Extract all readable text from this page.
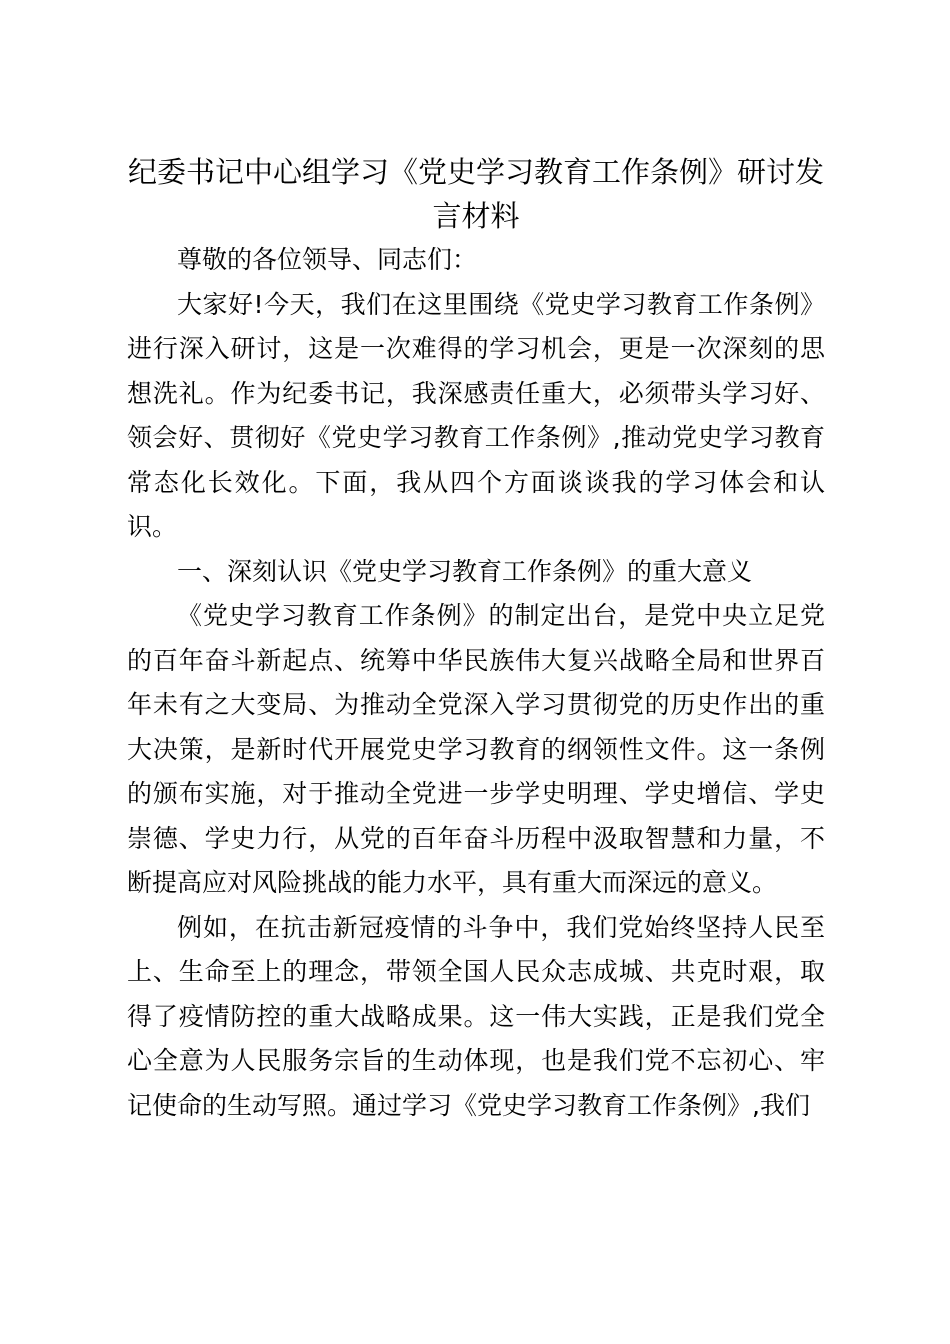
纪委书记中心组学习《党史学习教育工作条例》研讨发
言材料

尊敬的各位领导、同志们：

大家好!今天，我们在这里围绕《党史学习教育工作条例》进行深入研讨，这是一次难得的学习机会，更是一次深刻的思想洗礼。作为纪委书记，我深感责任重大，必须带头学习好、领会好、贯彻好《党史学习教育工作条例》,推动党史学习教育常态化长效化。下面，我从四个方面谈谈我的学习体会和认识。

一、深刻认识《党史学习教育工作条例》的重大意义

《党史学习教育工作条例》的制定出台，是党中央立足党的百年奋斗新起点、统筹中华民族伟大复兴战略全局和世界百年未有之大变局、为推动全党深入学习贯彻党的历史作出的重大决策，是新时代开展党史学习教育的纲领性文件。这一条例的颁布实施，对于推动全党进一步学史明理、学史增信、学史崇德、学史力行，从党的百年奋斗历程中汲取智慧和力量，不断提高应对风险挑战的能力水平，具有重大而深远的意义。

例如，在抗击新冠疫情的斗争中，我们党始终坚持人民至上、生命至上的理念，带领全国人民众志成城、共克时艰，取得了疫情防控的重大战略成果。这一伟大实践，正是我们党全心全意为人民服务宗旨的生动体现，也是我们党不忘初心、牢记使命的生动写照。通过学习《党史学习教育工作条例》,我们
